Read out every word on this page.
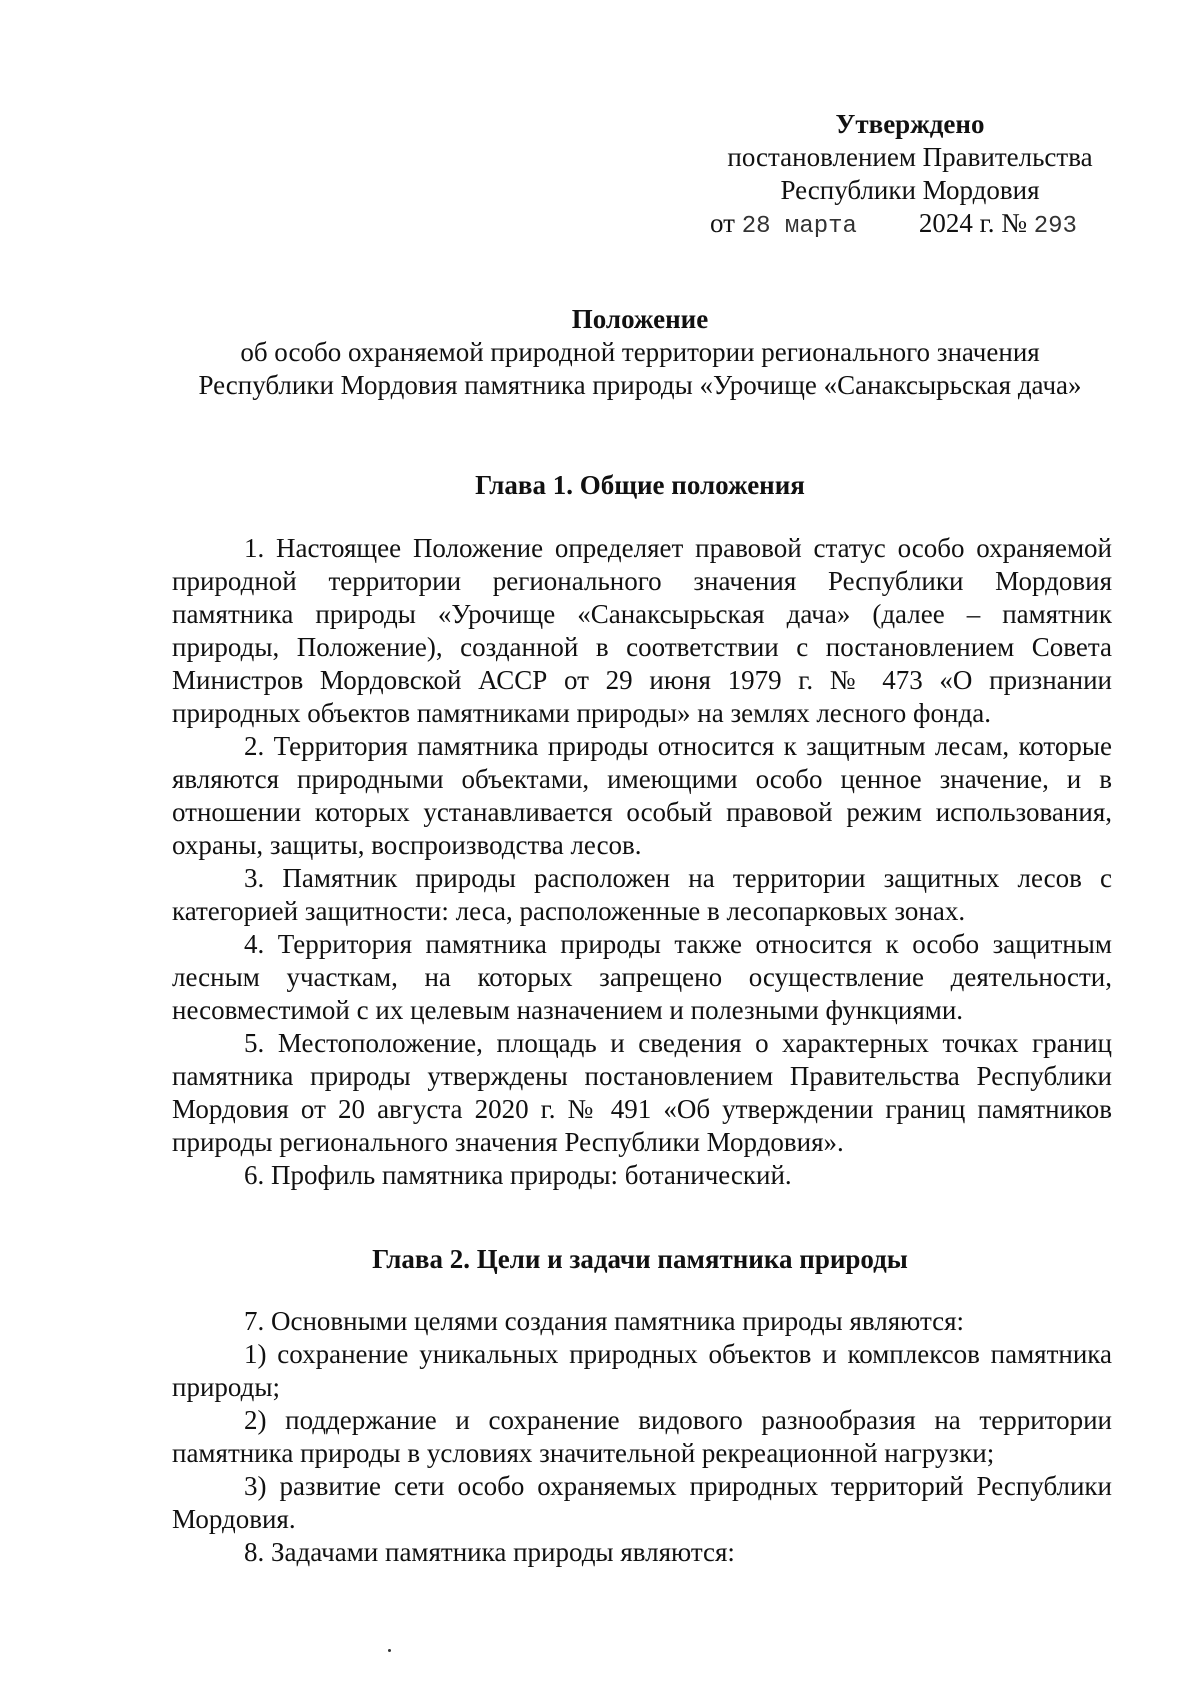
Утверждено
постановлением Правительства
Республики Мордовия
от 28 марта 2024 г. № 293
Положение
об особо охраняемой природной территории регионального значения
Республики Мордовия памятника природы «Урочище «Санаксырьская дача»
Глава 1. Общие положения

1. Настоящее Положение определяет правовой статус особо охраняемой природной территории регионального значения Республики Мордовия памятника природы «Урочище «Санаксырьская дача» (далее – памятник природы, Положение), созданной в соответствии с постановлением Совета Министров Мордовской АССР от 29 июня 1979 г. № 473 «О признании природных объектов памятниками природы» на землях лесного фонда.

2. Территория памятника природы относится к защитным лесам, которые являются природными объектами, имеющими особо ценное значение, и в отношении которых устанавливается особый правовой режим использования, охраны, защиты, воспроизводства лесов.

3. Памятник природы расположен на территории защитных лесов с категорией защитности: леса, расположенные в лесопарковых зонах.

4. Территория памятника природы также относится к особо защитным лесным участкам, на которых запрещено осуществление деятельности, несовместимой с их целевым назначением и полезными функциями.

5. Местоположение, площадь и сведения о характерных точках границ памятника природы утверждены постановлением Правительства Республики Мордовия от 20 августа 2020 г. № 491 «Об утверждении границ памятников природы регионального значения Республики Мордовия».

6. Профиль памятника природы: ботанический.

Глава 2. Цели и задачи памятника природы

7. Основными целями создания памятника природы являются:

1) сохранение уникальных природных объектов и комплексов памятника природы;

2) поддержание и сохранение видового разнообразия на территории памятника природы в условиях значительной рекреационной нагрузки;

3) развитие сети особо охраняемых природных территорий Республики Мордовия.

8. Задачами памятника природы являются:
